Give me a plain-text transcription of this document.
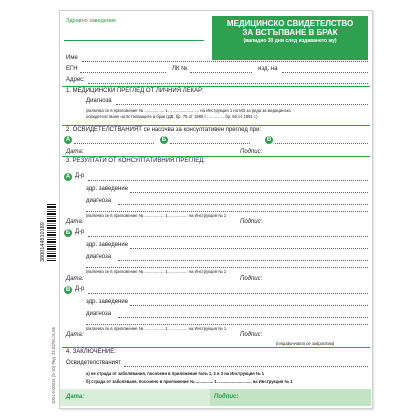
3800144810189
1001 5-00031 (5-10) Ред. 23.02/04.01.85
Здравно заведение	МЕДИЦИНСКО СВИДЕТЕЛСТВО
ЗА ВСТЪПВАНЕ В БРАК
(валидно 30 дни след издаването му)
Име
ЕГН	ЛК №	изд. на
Адрес:
1. МЕДИЦИНСКИ ПРЕГЛЕД ОТ ЛИЧНИЯ ЛЕКАР:
Диагноза
(включва се в приложение № ................. 1. ......................... на Инструкция 1 на МЗ за реда за медицинско
освидетелстване на встъпващите в брак (ДВ, бр. 75 от 1985 г.; ............. бр. 65 от 1991 г.)
2. ОСВИДЕТЕЛСТВАНИЯТ се насочва за консултативен преглед при:
А	Б	В
Дата:	Подпис:
3. РЕЗУЛТАТИ ОТ КОНСУЛТАТИВНИЯ ПРЕГЛЕД:
А Д-р
здр. заведение
диагноза
(включва се в приложение № ................. 1. ............... на Инструкция № 1
Дата:	Подпис:
Б Д-р
здр. заведение
диагноза
(включва се в приложение № ................. 1. ............... на Инструкция № 1
Дата:	Подпис:
В Д-р
здр. заведение
диагноза
(включва се в приложение № ................. 1. ............... на Инструкция № 1
Дата:	Подпис:
(сецифичната се задраства)
4. ЗАКЛЮЧЕНИЕ:
Освидетелстваният
а) не страда от заболявания, посочени в приложение №№ 1, 2 и 3 на Инструкция № 1
б) страда от заболяване, посочено в приложение № ............... 1. ............................ на Инструкция № 1
Дата:	Подпис:
